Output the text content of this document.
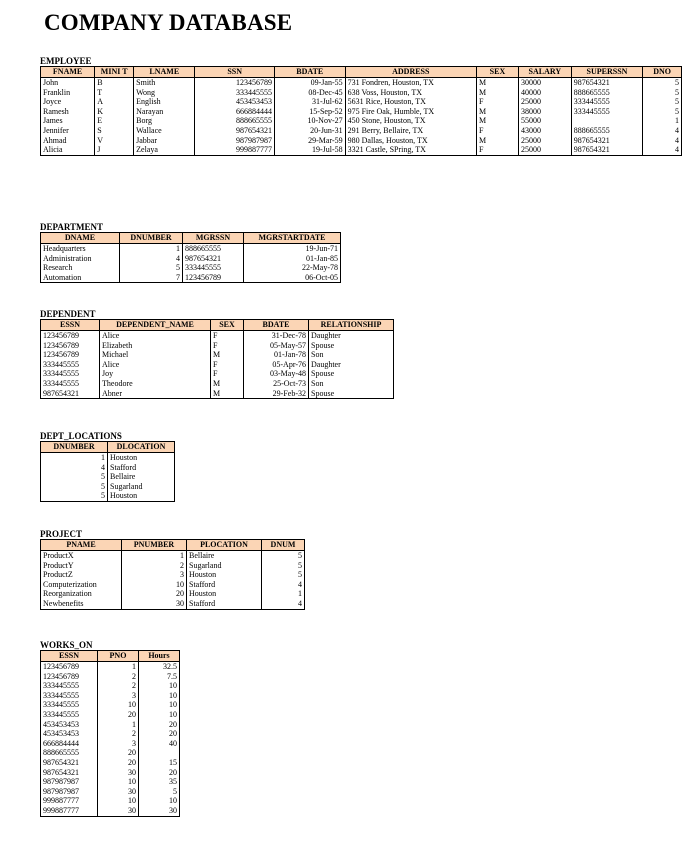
COMPANY DATABASE
EMPLOYEE
FNAME	MINI T	LNAME	SSN	BDATE	ADDRESS	SEX	SALARY	SUPERSSN	DNO
John	B	Smith	123456789	09-Jan-55	731 Fondren, Houston, TX	M	30000	987654321	5
Franklin	T	Wong	333445555	08-Dec-45	638 Voss, Houston, TX	M	40000	888665555	5
Joyce	A	English	453453453	31-Jul-62	5631 Rice, Houston, TX	F	25000	333445555	5
Ramesh	K	Narayan	666884444	15-Sep-52	975 Fire Oak, Humble, TX	M	38000	333445555	5
James	E	Borg	888665555	10-Nov-27	450 Stone, Houston, TX	M	55000		1
Jennifer	S	Wallace	987654321	20-Jun-31	291 Berry, Bellaire, TX	F	43000	888665555	4
Ahmad	V	Jabbar	987987987	29-Mar-59	980 Dallas, Houston, TX	M	25000	987654321	4
Alicia	J	Zelaya	999887777	19-Jul-58	3321 Castle, SPring, TX	F	25000	987654321	4
DEPARTMENT
DNAME	DNUMBER	MGRSSN	MGRSTARTDATE
Headquarters	1	888665555	19-Jun-71
Administration	4	987654321	01-Jan-85
Research	5	333445555	22-May-78
Automation	7	123456789	06-Oct-05
DEPENDENT
ESSN	DEPENDENT_NAME	SEX	BDATE	RELATIONSHIP
123456789	Alice	F	31-Dec-78	Daughter
123456789	Elizabeth	F	05-May-57	Spouse
123456789	Michael	M	01-Jan-78	Son
333445555	Alice	F	05-Apr-76	Daughter
333445555	Joy	F	03-May-48	Spouse
333445555	Theodore	M	25-Oct-73	Son
987654321	Abner	M	29-Feb-32	Spouse
DEPT_LOCATIONS
DNUMBER	DLOCATION
1	Houston
4	Stafford
5	Bellaire
5	Sugarland
5	Houston
PROJECT
PNAME	PNUMBER	PLOCATION	DNUM
ProductX	1	Bellaire	5
ProductY	2	Sugarland	5
ProductZ	3	Houston	5
Computerization	10	Stafford	4
Reorganization	20	Houston	1
Newbenefits	30	Stafford	4
WORKS_ON
ESSN	PNO	Hours
123456789	1	32.5
123456789	2	7.5
333445555	2	10
333445555	3	10
333445555	10	10
333445555	20	10
453453453	1	20
453453453	2	20
666884444	3	40
888665555	20	
987654321	20	15
987654321	30	20
987987987	10	35
987987987	30	5
999887777	10	10
999887777	30	30
